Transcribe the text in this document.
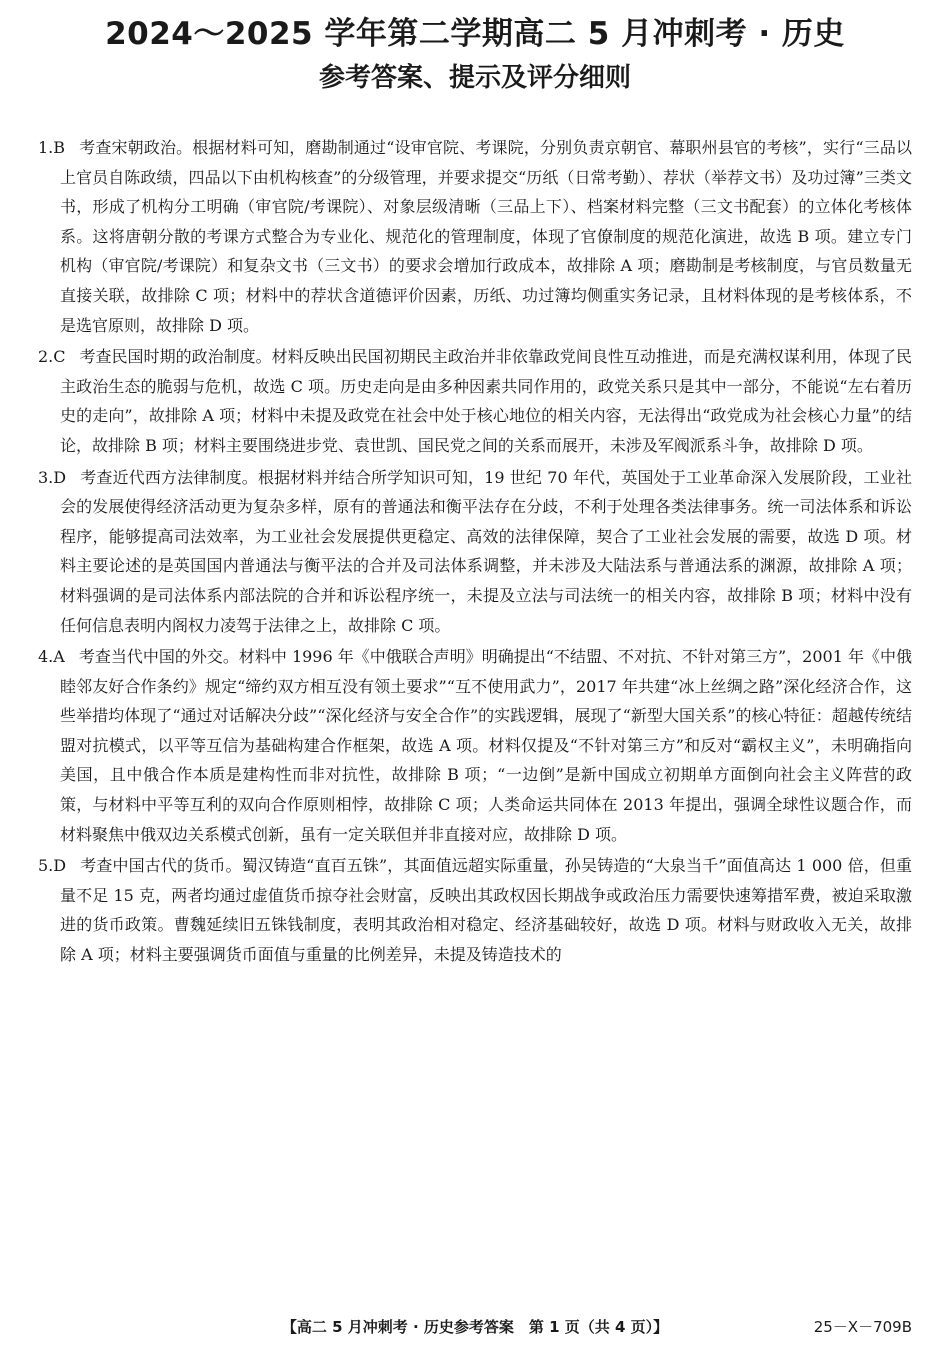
2024～2025 学年第二学期高二 5 月冲刺考 · 历史
参考答案、提示及评分细则

1.B 考查宋朝政治。根据材料可知，磨勘制通过“设审官院、考课院，分别负责京朝官、幕职州县官的考核”，实行“三品以上官员自陈政绩，四品以下由机构核查”的分级管理，并要求提交“历纸（日常考勤）、荐状（举荐文书）及功过簿”三类文书，形成了机构分工明确（审官院/考课院）、对象层级清晰（三品上下）、档案材料完整（三文书配套）的立体化考核体系。这将唐朝分散的考课方式整合为专业化、规范化的管理制度，体现了官僚制度的规范化演进，故选 B 项。建立专门机构（审官院/考课院）和复杂文书（三文书）的要求会增加行政成本，故排除 A 项；磨勘制是考核制度，与官员数量无直接关联，故排除 C 项；材料中的荐状含道德评价因素，历纸、功过簿均侧重实务记录，且材料体现的是考核体系，不是选官原则，故排除 D 项。

2.C 考查民国时期的政治制度。材料反映出民国初期民主政治并非依靠政党间良性互动推进，而是充满权谋利用，体现了民主政治生态的脆弱与危机，故选 C 项。历史走向是由多种因素共同作用的，政党关系只是其中一部分，不能说“左右着历史的走向”，故排除 A 项；材料中未提及政党在社会中处于核心地位的相关内容，无法得出“政党成为社会核心力量”的结论，故排除 B 项；材料主要围绕进步党、袁世凯、国民党之间的关系而展开，未涉及军阀派系斗争，故排除 D 项。

3.D 考查近代西方法律制度。根据材料并结合所学知识可知，19 世纪 70 年代，英国处于工业革命深入发展阶段，工业社会的发展使得经济活动更为复杂多样，原有的普通法和衡平法存在分歧，不利于处理各类法律事务。统一司法体系和诉讼程序，能够提高司法效率，为工业社会发展提供更稳定、高效的法律保障，契合了工业社会发展的需要，故选 D 项。材料主要论述的是英国国内普通法与衡平法的合并及司法体系调整，并未涉及大陆法系与普通法系的渊源，故排除 A 项；材料强调的是司法体系内部法院的合并和诉讼程序统一，未提及立法与司法统一的相关内容，故排除 B 项；材料中没有任何信息表明内阁权力凌驾于法律之上，故排除 C 项。

4.A 考查当代中国的外交。材料中 1996 年《中俄联合声明》明确提出“不结盟、不对抗、不针对第三方”，2001 年《中俄睦邻友好合作条约》规定“缔约双方相互没有领土要求”“互不使用武力”，2017 年共建“冰上丝绸之路”深化经济合作，这些举措均体现了“通过对话解决分歧”“深化经济与安全合作”的实践逻辑，展现了“新型大国关系”的核心特征：超越传统结盟对抗模式，以平等互信为基础构建合作框架，故选 A 项。材料仅提及“不针对第三方”和反对“霸权主义”，未明确指向美国，且中俄合作本质是建构性而非对抗性，故排除 B 项；“一边倒”是新中国成立初期单方面倒向社会主义阵营的政策，与材料中平等互利的双向合作原则相悖，故排除 C 项；人类命运共同体在 2013 年提出，强调全球性议题合作，而材料聚焦中俄双边关系模式创新，虽有一定关联但并非直接对应，故排除 D 项。

5.D 考查中国古代的货币。蜀汉铸造“直百五铢”，其面值远超实际重量，孙吴铸造的“大泉当千”面值高达 1 000 倍，但重量不足 15 克，两者均通过虚值货币掠夺社会财富，反映出其政权因长期战争或政治压力需要快速筹措军费，被迫采取激进的货币政策。曹魏延续旧五铢钱制度，表明其政治相对稳定、经济基础较好，故选 D 项。材料与财政收入无关，故排除 A 项；材料主要强调货币面值与重量的比例差异，未提及铸造技术的

【高二 5 月冲刺考 · 历史参考答案　第 1 页（共 4 页）】	25－X－709B
